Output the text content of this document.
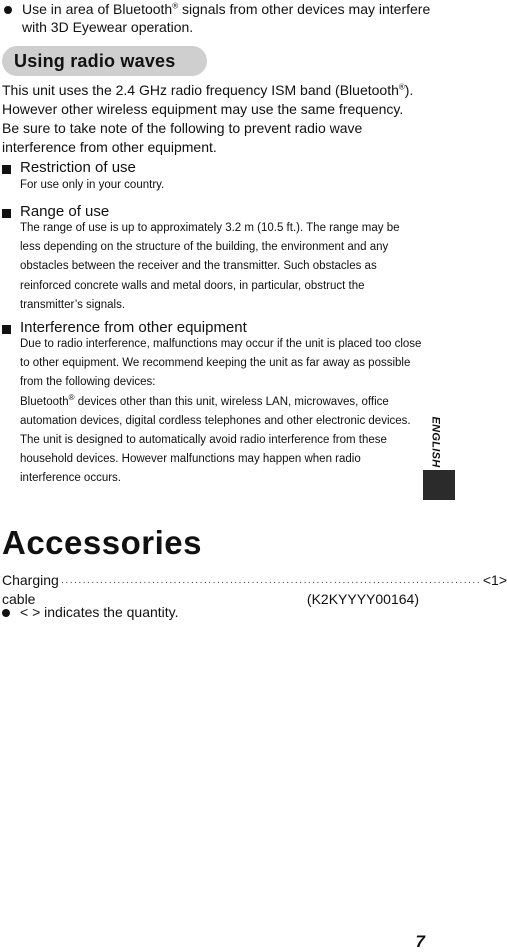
Use in area of Bluetooth® signals from other devices may interfere with 3D Eyewear operation.
Using radio waves
This unit uses the 2.4 GHz radio frequency ISM band (Bluetooth®). However other wireless equipment may use the same frequency. Be sure to take note of the following to prevent radio wave interference from other equipment.
Restriction of use
For use only in your country.
Range of use
The range of use is up to approximately 3.2 m (10.5 ft.). The range may be less depending on the structure of the building, the environment and any obstacles between the receiver and the transmitter. Such obstacles as reinforced concrete walls and metal doors, in particular, obstruct the transmitter’s signals.
Interference from other equipment
Due to radio interference, malfunctions may occur if the unit is placed too close to other equipment. We recommend keeping the unit as far away as possible from the following devices:
Bluetooth® devices other than this unit, wireless LAN, microwaves, office automation devices, digital cordless telephones and other electronic devices.
The unit is designed to automatically avoid radio interference from these household devices. However malfunctions may happen when radio interference occurs.
ENGLISH
Accessories
Charging cable
································································································· <1>
(K2KYYYY00164)
< > indicates the quantity.
7
